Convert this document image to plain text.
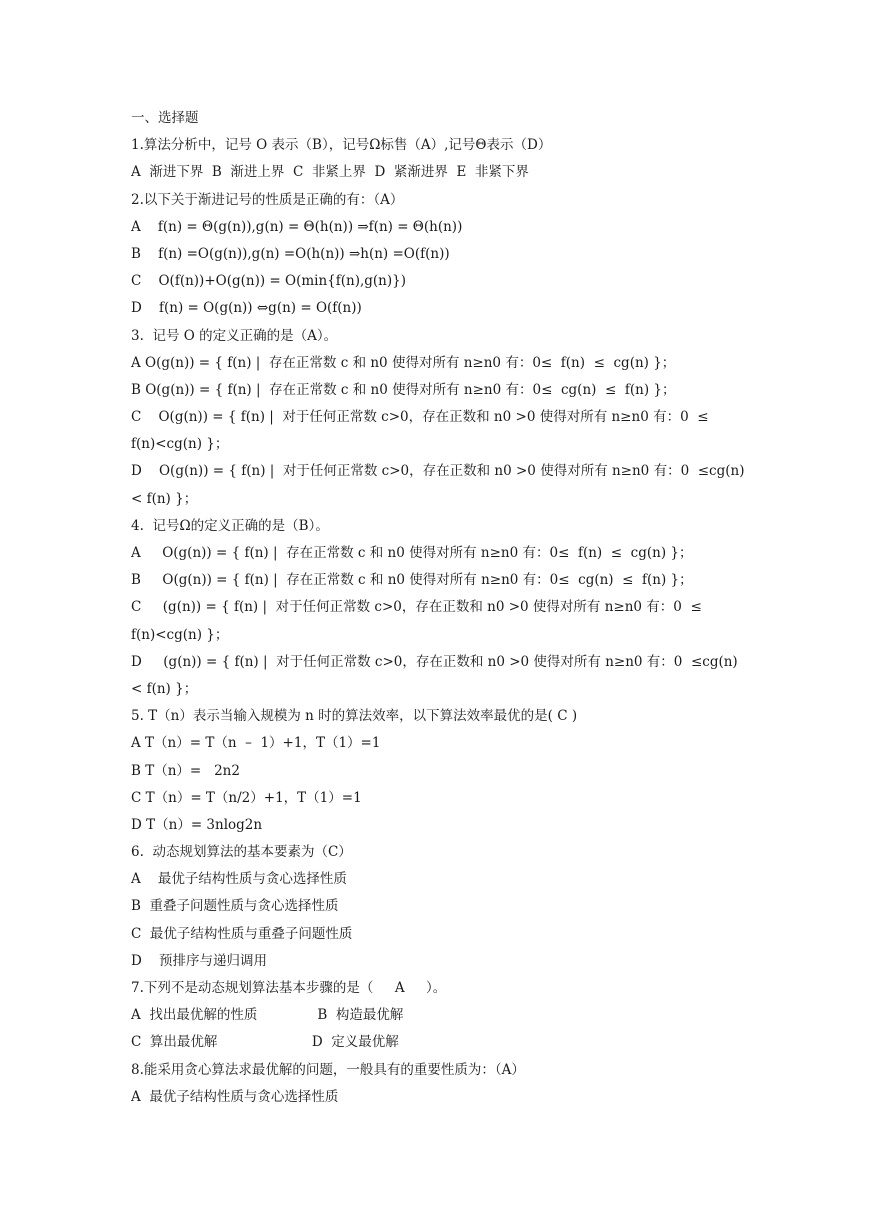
一、选择题
1.算法分析中，记号 O 表示（B），记号Ω标售（A）,记号Θ表示（D）
A  渐进下界  B  渐进上界  C  非紧上界  D  紧渐进界  E  非紧下界
2.以下关于渐进记号的性质是正确的有：（A）
A    f(n) = Θ(g(n)),g(n) = Θ(h(n)) ⇒f(n) = Θ(h(n))
B    f(n) =O(g(n)),g(n) =O(h(n)) ⇒h(n) =O(f(n))
C    O(f(n))+O(g(n)) = O(min{f(n),g(n)})
D    f(n) = O(g(n)) ⇔g(n) = O(f(n))
3.  记号 O 的定义正确的是（A）。
A O(g(n)) = { f(n) |  存在正常数 c 和 n0 使得对所有 n≥n0 有：0≤  f(n)  ≤  cg(n) }；
B O(g(n)) = { f(n) |  存在正常数 c 和 n0 使得对所有 n≥n0 有：0≤  cg(n)  ≤  f(n) }；
C    O(g(n)) = { f(n) |  对于任何正常数 c>0，存在正数和 n0 >0 使得对所有 n≥n0 有：0  ≤
f(n)<cg(n) }；
D    O(g(n)) = { f(n) |  对于任何正常数 c>0，存在正数和 n0 >0 使得对所有 n≥n0 有：0  ≤cg(n)
< f(n) }；
4.  记号Ω的定义正确的是（B）。
A     O(g(n)) = { f(n) |  存在正常数 c 和 n0 使得对所有 n≥n0 有：0≤  f(n)  ≤  cg(n) }；
B     O(g(n)) = { f(n) |  存在正常数 c 和 n0 使得对所有 n≥n0 有：0≤  cg(n)  ≤  f(n) }；
C     (g(n)) = { f(n) |  对于任何正常数 c>0，存在正数和 n0 >0 使得对所有 n≥n0 有：0  ≤
f(n)<cg(n) }；
D     (g(n)) = { f(n) |  对于任何正常数 c>0，存在正数和 n0 >0 使得对所有 n≥n0 有：0  ≤cg(n)
< f(n) }；
5. T（n）表示当输入规模为 n 时的算法效率，以下算法效率最优的是( C )
A T（n）= T（n  –  1）+1，T（1）=1
B T（n）=   2n2
C T（n）= T（n/2）+1，T（1）=1
D T（n）= 3nlog2n
6.  动态规划算法的基本要素为（C）
A    最优子结构性质与贪心选择性质
B  重叠子问题性质与贪心选择性质
C  最优子结构性质与重叠子问题性质
D    预排序与递归调用
7.下列不是动态规划算法基本步骤的是（     A     ）。
A  找出最优解的性质              B  构造最优解
C  算出最优解                      D  定义最优解
8.能采用贪心算法求最优解的问题，一般具有的重要性质为：（A）
A  最优子结构性质与贪心选择性质
